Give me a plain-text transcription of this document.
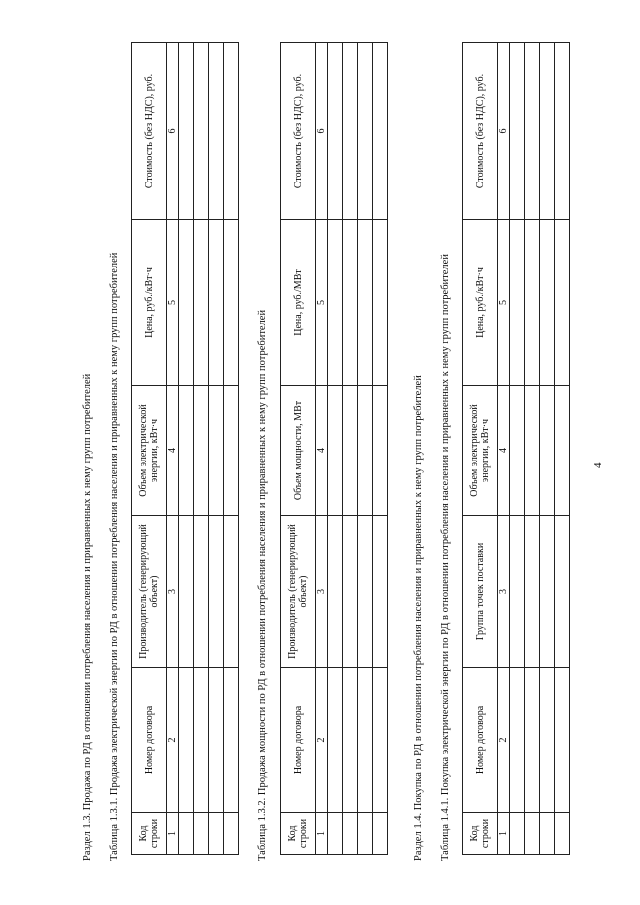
4
Раздел 1.3. Продажа по РД в отношении потребления населения и приравненных к нему групп потребителей Таблица 1.3.1. Продажа электрической энергии по РД в отношении потребления населения и приравненных к нему групп потребителей Код строки	Номер договора	Производитель (генерирующий объект)	Объем электрической энергии, кВт·ч	Цена, руб./кВт·ч	Стоимость (без НДС), руб.
1	2	3	4	5	6

Таблица 1.3.2. Продажа мощности по РД в отношении потребления населения и приравненных к нему групп потребителей Код строки	Номер договора	Производитель (генерирующий объект)	Объем мощности, МВт	Цена, руб./МВт	Стоимость (без НДС), руб.
1	2	3	4	5	6

Раздел 1.4. Покупка по РД в отношении потребления населения и приравненных к нему групп потребителей Таблица 1.4.1. Покупка электрической энергии по РД в отношении потребления населения и приравненных к нему групп потребителей Код строки	Номер договора	Группа точек поставки	Объем электрической энергии, кВт·ч	Цена, руб./кВт·ч	Стоимость (без НДС), руб.
1	2	3	4	5	6
